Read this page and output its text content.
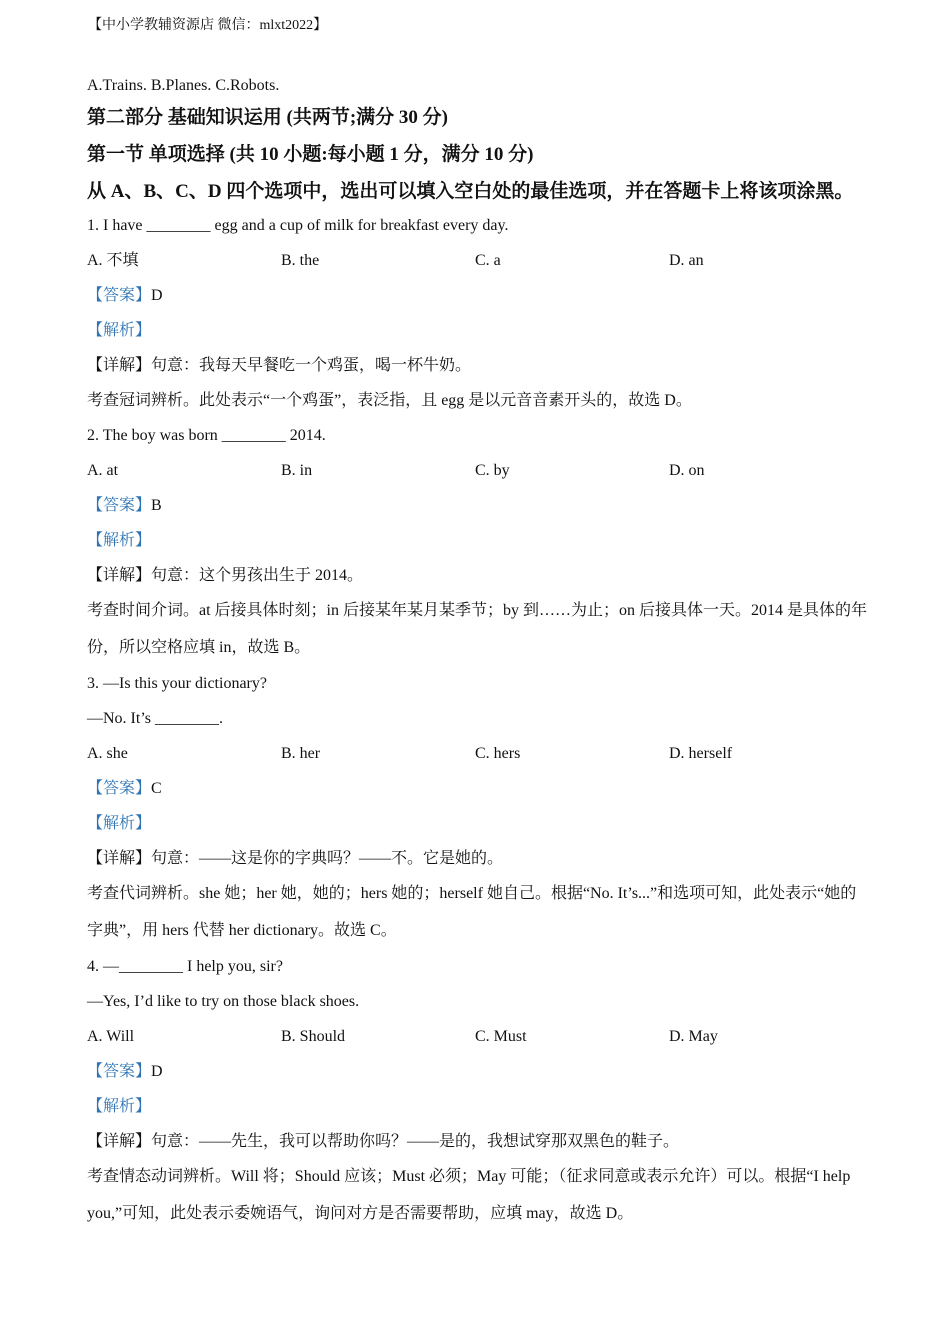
【中小学教辅资源店 微信：mlxt2022】
A.Trains. B.Planes. C.Robots.
第二部分 基础知识运用 (共两节;满分 30 分)
第一节 单项选择 (共 10 小题:每小题 1 分，满分 10 分)
从 A、B、C、D 四个选项中，选出可以填入空白处的最佳选项，并在答题卡上将该项涂黑。
1. I have ________ egg and a cup of milk for breakfast every day.
A. 不填	B. the	C. a	D. an
【答案】D
【解析】
【详解】句意：我每天早餐吃一个鸡蛋，喝一杯牛奶。
考查冠词辨析。此处表示“一个鸡蛋”，表泛指，且 egg 是以元音音素开头的，故选 D。
2. The boy was born ________ 2014.
A. at	B. in	C. by	D. on
【答案】B
【解析】
【详解】句意：这个男孩出生于 2014。
考查时间介词。at 后接具体时刻；in 后接某年某月某季节；by 到……为止；on 后接具体一天。2014 是具体的年份，所以空格应填 in，故选 B。
3. —Is this your dictionary?
—No. It’s ________.
A. she	B. her	C. hers	D. herself
【答案】C
【解析】
【详解】句意：——这是你的字典吗？——不。它是她的。
考查代词辨析。she 她；her 她，她的；hers 她的；herself 她自己。根据“No. It’s...”和选项可知，此处表示“她的字典”，用 hers 代替 her dictionary。故选 C。
4. —________ I help you, sir?
—Yes, I’d like to try on those black shoes.
A. Will	B. Should	C. Must	D. May
【答案】D
【解析】
【详解】句意：——先生，我可以帮助你吗？——是的，我想试穿那双黑色的鞋子。
考查情态动词辨析。Will 将；Should 应该；Must 必须；May 可能；（征求同意或表示允许）可以。根据“I help you,”可知，此处表示委婉语气，询问对方是否需要帮助，应填 may，故选 D。
